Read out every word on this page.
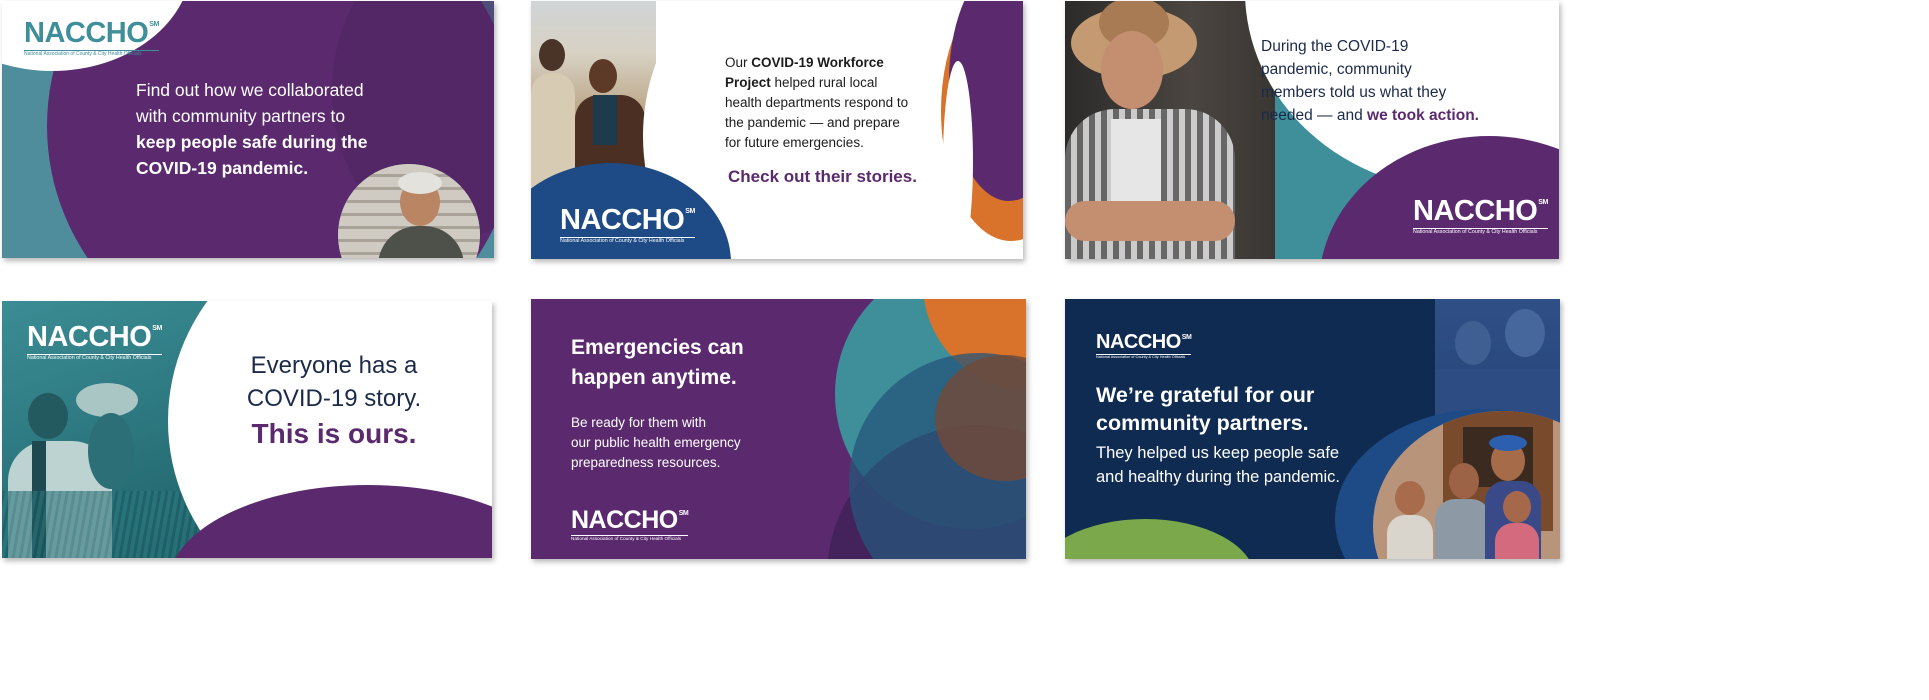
NACCHO℠
National Association of County & City Health Officials
Find out how we collaborated
with community partners to
keep people safe during the
COVID-19 pandemic.
NACCHO℠
National Association of County & City Health Officials
Our COVID-19 Workforce
Project helped rural local
health departments respond to
the pandemic — and prepare
for future emergencies.
Check out their stories.
NACCHO℠
National Association of County & City Health Officials
During the COVID-19
pandemic, community
members told us what they
needed — and we took action.
NACCHO℠
National Association of County & City Health Officials	Everyone has a
COVID-19 story.
This is ours.
NACCHO℠
National Association of County & City Health Officials
Emergencies can
happen anytime.
Be ready for them with
our public health emergency
preparedness resources.
NACCHO℠
National Association of County & City Health Officials
We’re grateful for our
community partners.
They helped us keep people safe
and healthy during the pandemic.
